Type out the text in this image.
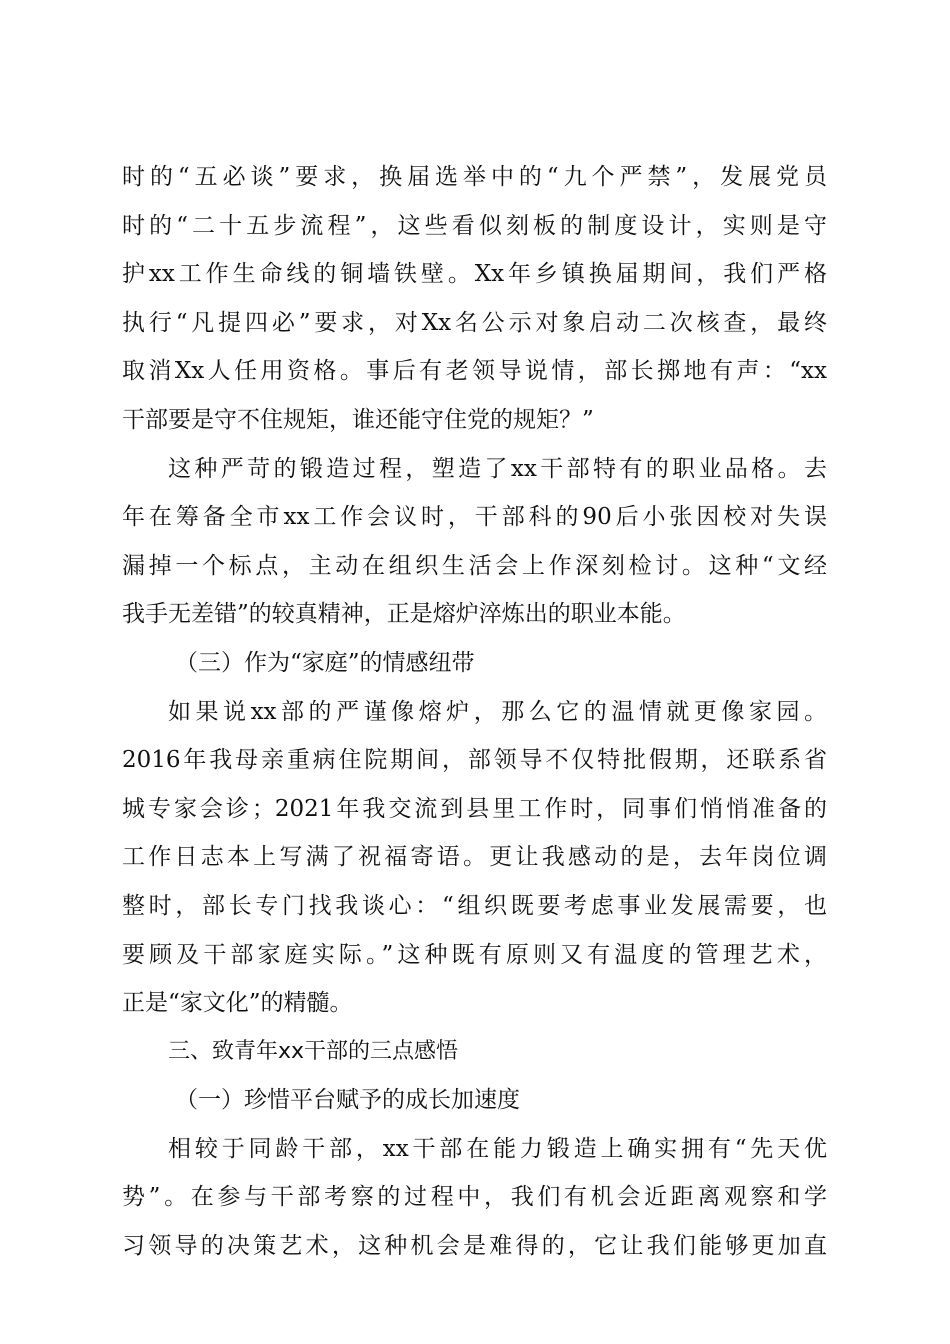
时的“五必谈”要求，换届选举中的“九个严禁”，发展党员
时的“二十五步流程”，这些看似刻板的制度设计，实则是守
护xx工作生命线的铜墙铁壁。Xx年乡镇换届期间，我们严格
执行“凡提四必”要求，对Xx名公示对象启动二次核查，最终
取消Xx人任用资格。事后有老领导说情，部长掷地有声：“xx
干部要是守不住规矩，谁还能守住党的规矩？”
这种严苛的锻造过程，塑造了xx干部特有的职业品格。去
年在筹备全市xx工作会议时，干部科的90后小张因校对失误
漏掉一个标点，主动在组织生活会上作深刻检讨。这种“文经
我手无差错”的较真精神，正是熔炉淬炼出的职业本能。
（三）作为“家庭”的情感纽带
如果说xx部的严谨像熔炉，那么它的温情就更像家园。
2016年我母亲重病住院期间，部领导不仅特批假期，还联系省
城专家会诊；2021年我交流到县里工作时，同事们悄悄准备的
工作日志本上写满了祝福寄语。更让我感动的是，去年岗位调
整时，部长专门找我谈心：“组织既要考虑事业发展需要，也
要顾及干部家庭实际。”这种既有原则又有温度的管理艺术，
正是“家文化”的精髓。
三、致青年xx干部的三点感悟
（一）珍惜平台赋予的成长加速度
相较于同龄干部，xx干部在能力锻造上确实拥有“先天优
势”。在参与干部考察的过程中，我们有机会近距离观察和学
习领导的决策艺术，这种机会是难得的，它让我们能够更加直
